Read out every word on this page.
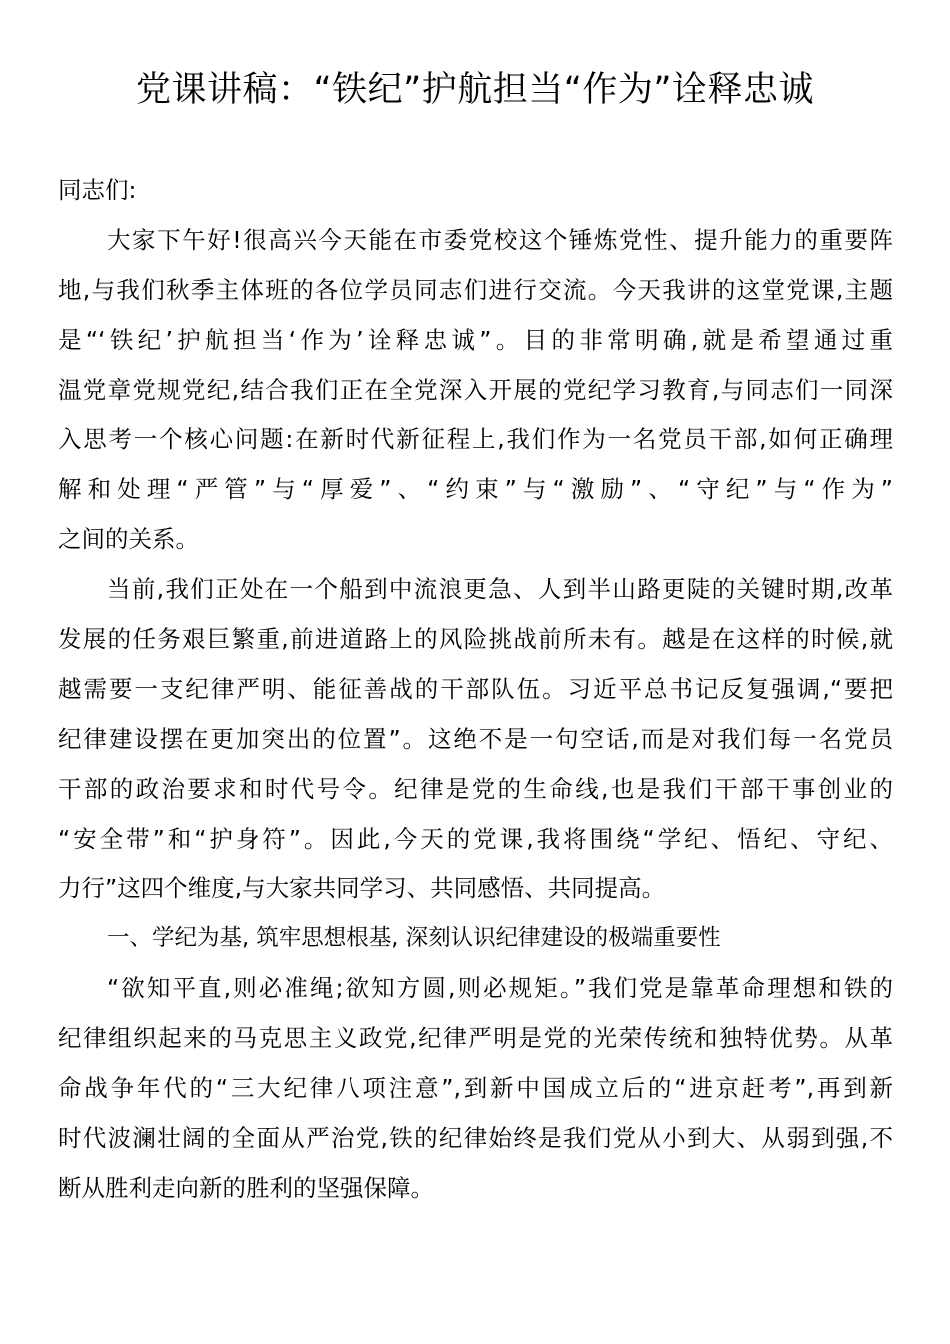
党课讲稿：“铁纪”护航担当“作为”诠释忠诚
同志们:
大家下午好!很高兴今天能在市委党校这个锤炼党性、提升能力的重要阵
地,与我们秋季主体班的各位学员同志们进行交流。今天我讲的这堂党课,主题
是“‘铁纪’护航担当‘作为’诠释忠诚”。目的非常明确,就是希望通过重
温党章党规党纪,结合我们正在全党深入开展的党纪学习教育,与同志们一同深
入思考一个核心问题:在新时代新征程上,我们作为一名党员干部,如何正确理
解和处理“严管”与“厚爱”、“约束”与“激励”、“守纪”与“作为”
之间的关系。
当前,我们正处在一个船到中流浪更急、人到半山路更陡的关键时期,改革
发展的任务艰巨繁重,前进道路上的风险挑战前所未有。越是在这样的时候,就
越需要一支纪律严明、能征善战的干部队伍。习近平总书记反复强调,“要把
纪律建设摆在更加突出的位置”。这绝不是一句空话,而是对我们每一名党员
干部的政治要求和时代号令。纪律是党的生命线,也是我们干部干事创业的
“安全带”和“护身符”。因此,今天的党课,我将围绕“学纪、悟纪、守纪、
力行”这四个维度,与大家共同学习、共同感悟、共同提高。
一、学纪为基, 筑牢思想根基, 深刻认识纪律建设的极端重要性
“欲知平直,则必准绳;欲知方圆,则必规矩。”我们党是靠革命理想和铁的
纪律组织起来的马克思主义政党,纪律严明是党的光荣传统和独特优势。从革
命战争年代的“三大纪律八项注意”,到新中国成立后的“进京赶考”,再到新
时代波澜壮阔的全面从严治党,铁的纪律始终是我们党从小到大、从弱到强,不
断从胜利走向新的胜利的坚强保障。
